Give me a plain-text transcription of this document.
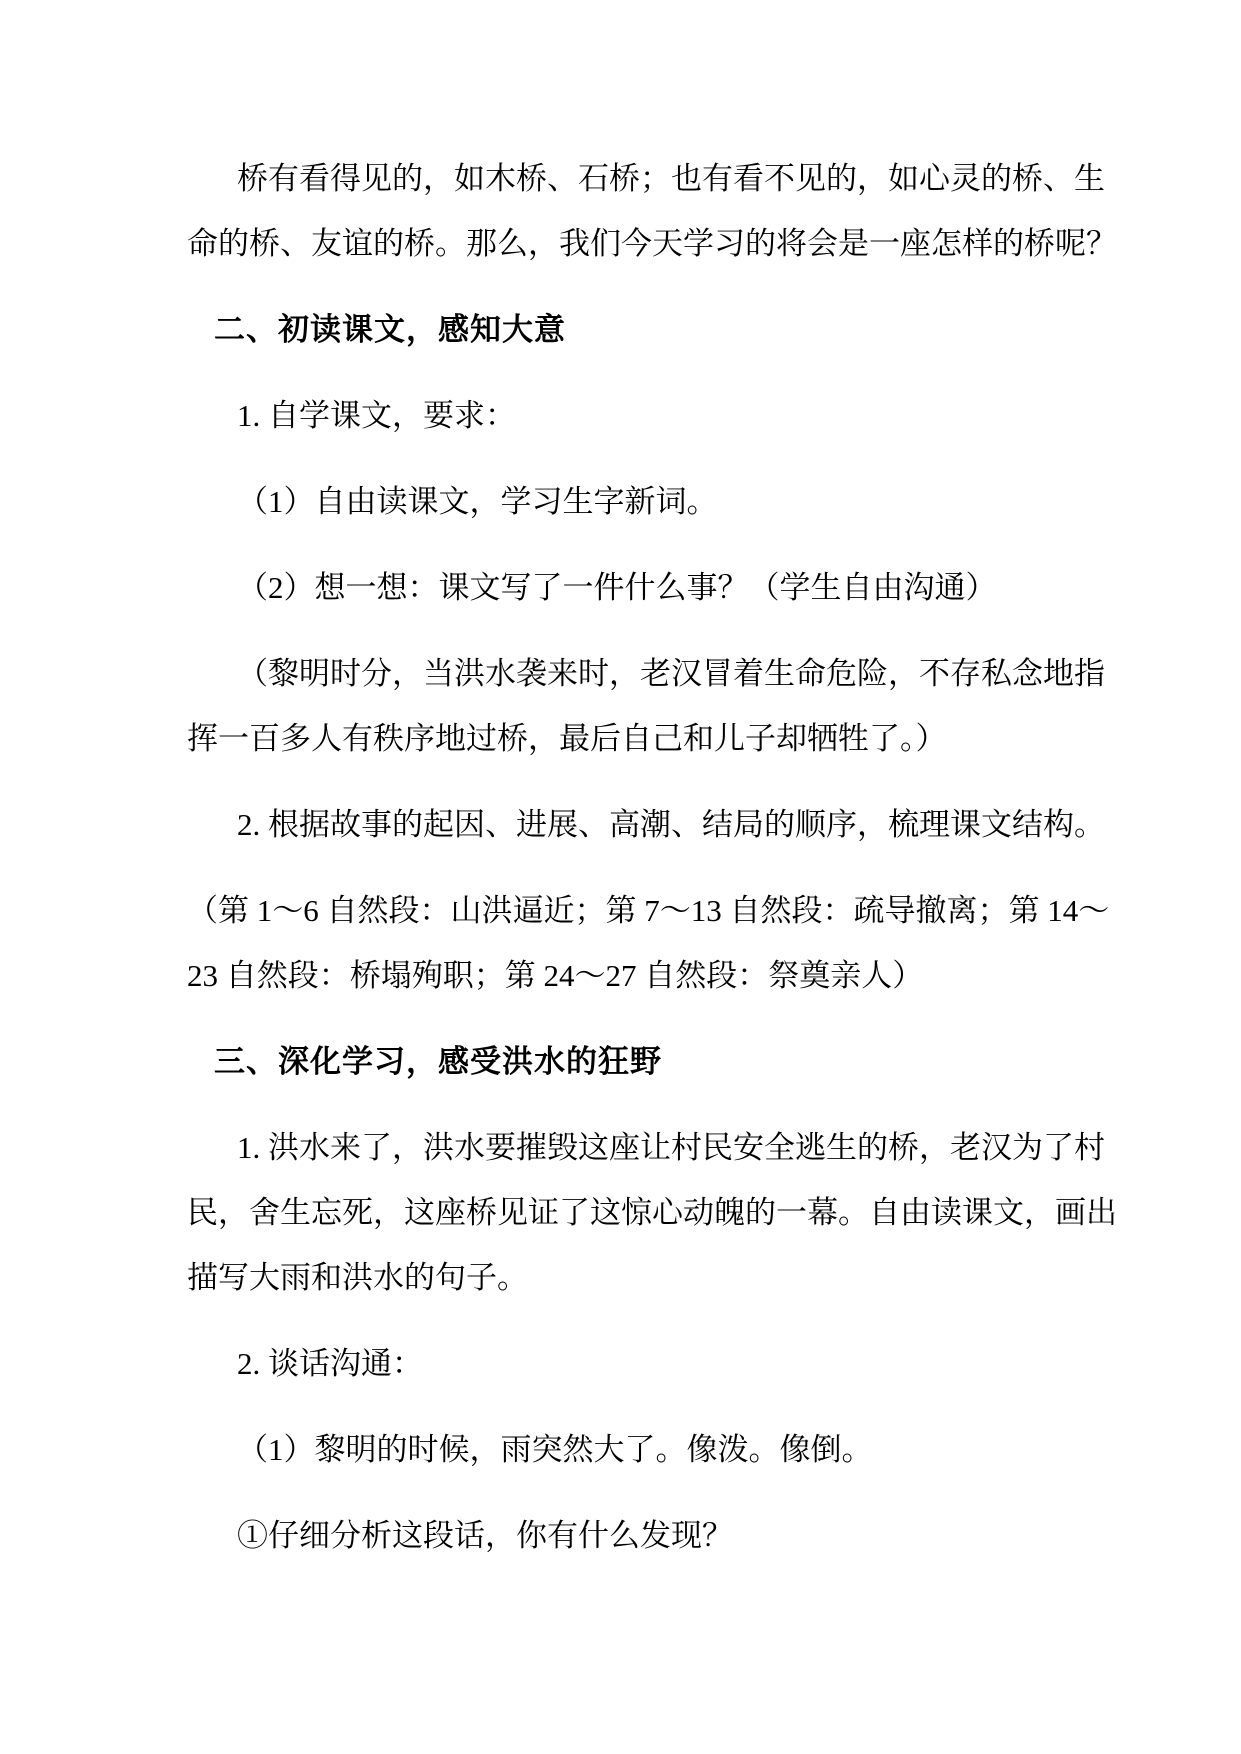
桥有看得见的，如木桥、石桥；也有看不见的，如心灵的桥、生
命的桥、友谊的桥。那么，我们今天学习的将会是一座怎样的桥呢？
二、初读课文，感知大意
1. 自学课文，要求：
（1）自由读课文，学习生字新词。
（2）想一想：课文写了一件什么事？（学生自由沟通）
（黎明时分，当洪水袭来时，老汉冒着生命危险，不存私念地指
挥一百多人有秩序地过桥，最后自己和儿子却牺牲了。）
2. 根据故事的起因、进展、高潮、结局的顺序，梳理课文结构。
（第 1～6 自然段：山洪逼近；第 7～13 自然段：疏导撤离；第 14～
23 自然段：桥塌殉职；第 24～27 自然段：祭奠亲人）
三、深化学习，感受洪水的狂野
1. 洪水来了，洪水要摧毁这座让村民安全逃生的桥，老汉为了村
民，舍生忘死，这座桥见证了这惊心动魄的一幕。自由读课文，画出
描写大雨和洪水的句子。
2. 谈话沟通：
（1）黎明的时候，雨突然大了。像泼。像倒。
①仔细分析这段话，你有什么发现？
